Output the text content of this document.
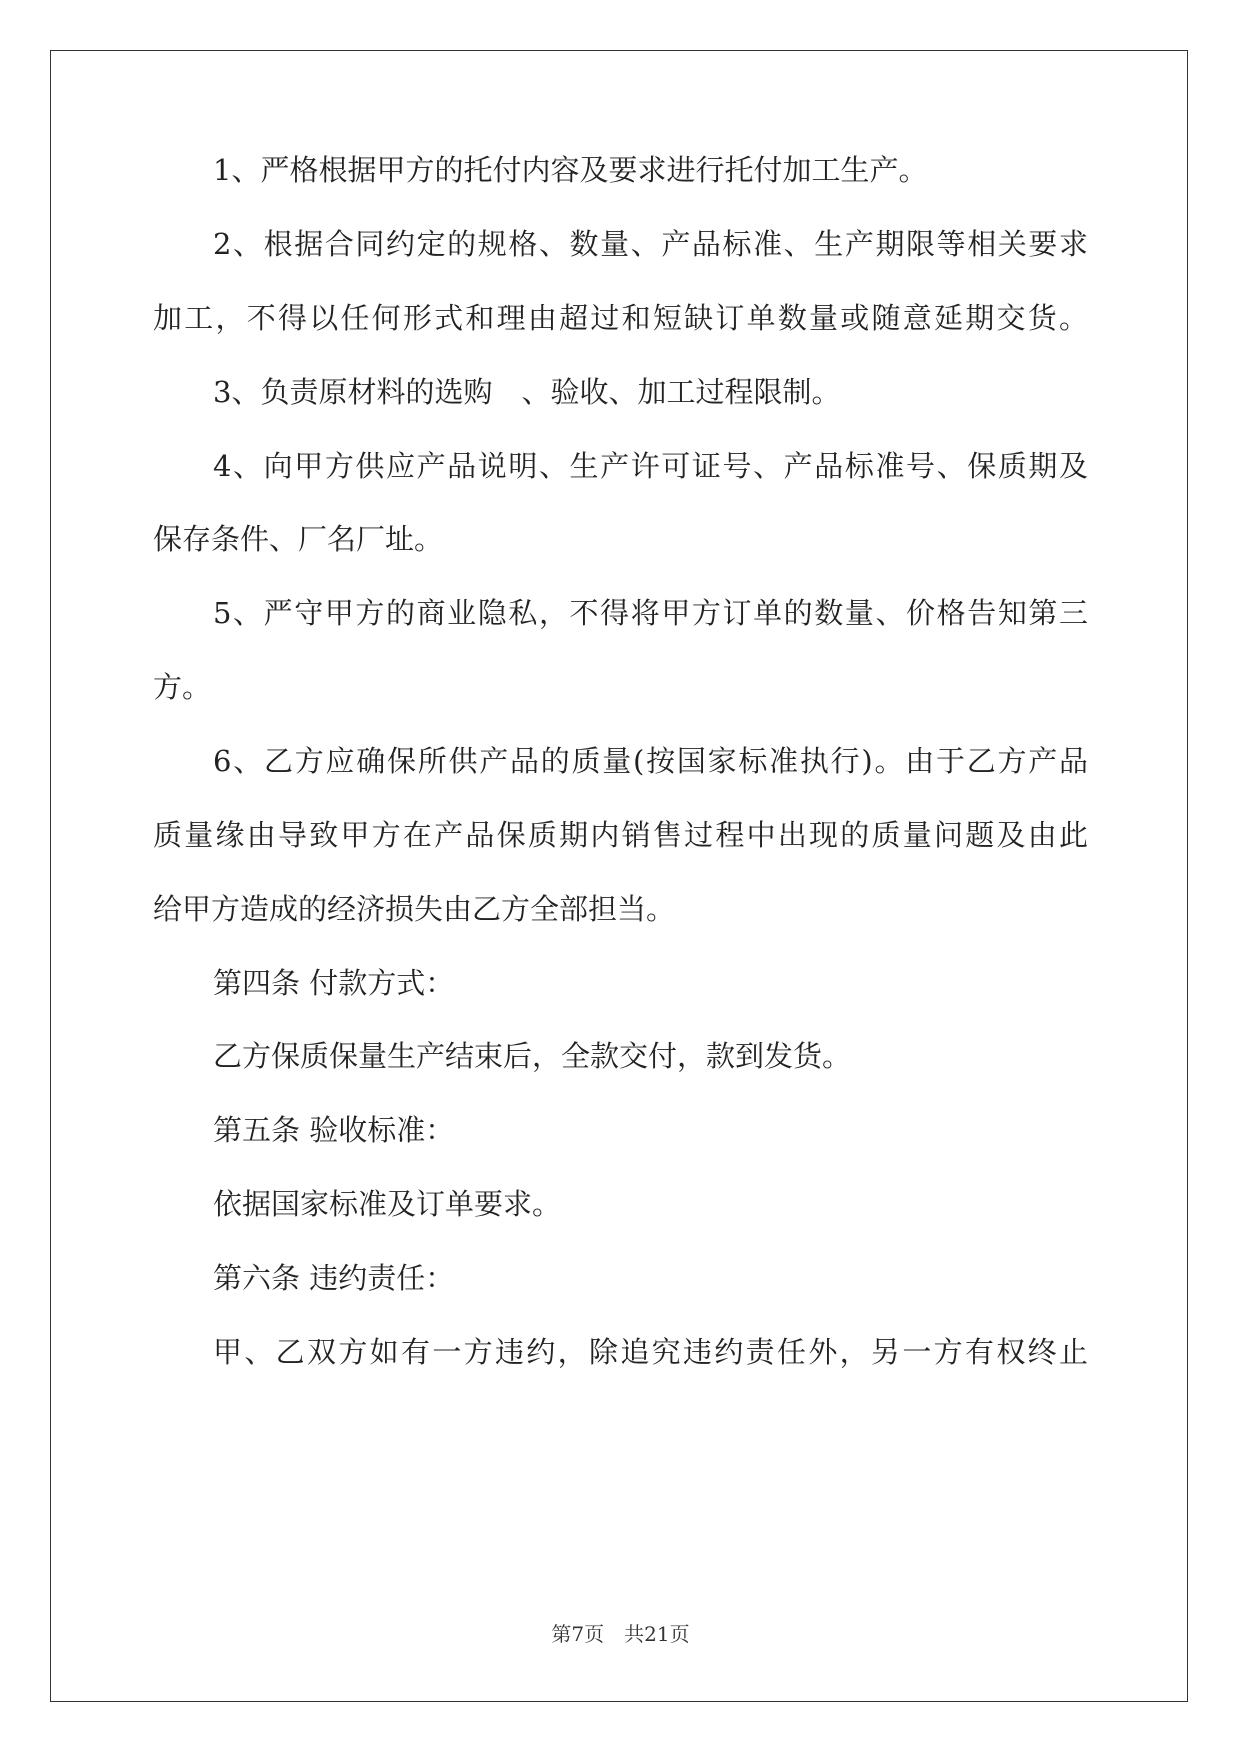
1、严格根据甲方的托付内容及要求进行托付加工生产。
2、根据合同约定的规格、数量、产品标准、生产期限等相关要求
加工，不得以任何形式和理由超过和短缺订单数量或随意延期交货。
3、负责原材料的选购　、验收、加工过程限制。
4、向甲方供应产品说明、生产许可证号、产品标准号、保质期及
保存条件、厂名厂址。
5、严守甲方的商业隐私，不得将甲方订单的数量、价格告知第三
方。
6、乙方应确保所供产品的质量(按国家标准执行)。由于乙方产品
质量缘由导致甲方在产品保质期内销售过程中出现的质量问题及由此
给甲方造成的经济损失由乙方全部担当。
第四条 付款方式：
乙方保质保量生产结束后，全款交付，款到发货。
第五条 验收标准：
依据国家标准及订单要求。
第六条 违约责任：
甲、乙双方如有一方违约，除追究违约责任外，另一方有权终止
第7页　共21页
